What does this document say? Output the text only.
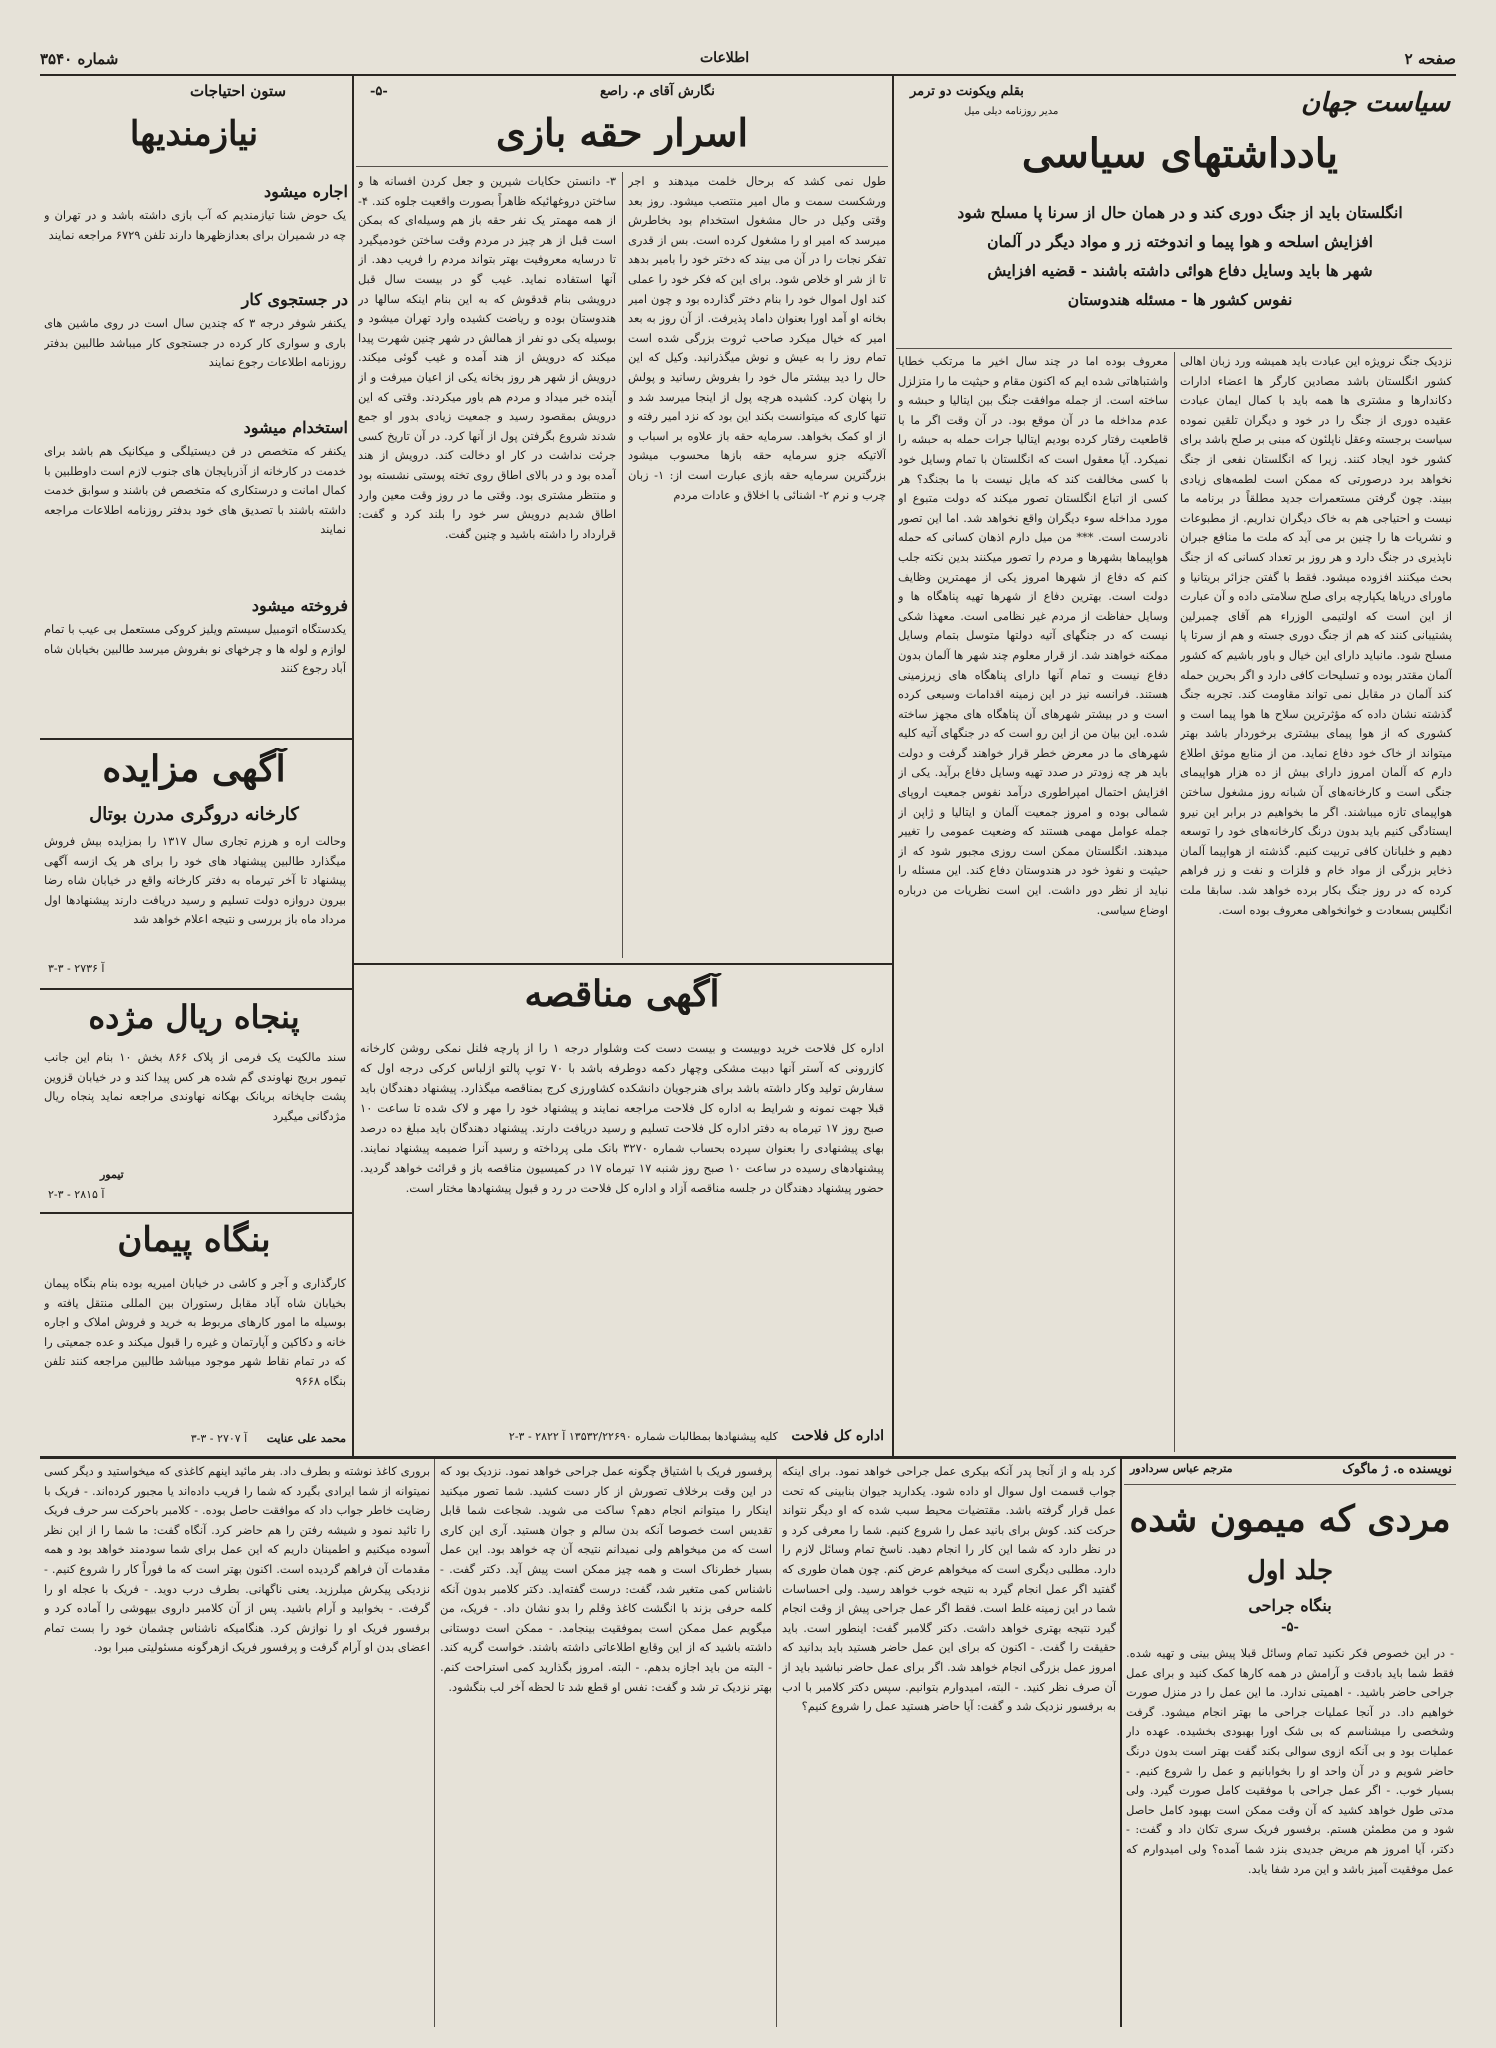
صفحه ۲
اطلاعات
شماره ۳۵۴۰
سیاست جهان
بقلم ویکونت دو ترمر
مدیر روزنامه دیلی میل
یادداشتهای سیاسی
انگلستان باید از جنگ دوری کند و در همان حال از سرنا پا مسلح شود
افزایش اسلحه و هوا پیما و اندوخته زر و مواد دیگر در آلمان
شهر ها باید وسایل دفاع هوائی داشته باشند - قضیه افزایش
نفوس کشور ها - مسئله هندوستان
نزدیک جنگ نرویژه این عبادت باید همیشه ورد زبان اهالی کشور انگلستان باشد مصادین کارگر ها اعضاء ادارات دکاندارها و مشتری ها همه باید با کمال ایمان عبادت عقیده دوری از جنگ را در خود و دیگران تلقین نموده سیاست برجسته وعقل ناپلئون که مبنی بر صلح باشد برای کشور خود ایجاد کنند. زیرا که انگلستان نفعی از جنگ نخواهد برد درصورتی که ممکن است لطمه‌های زیادی ببیند. چون گرفتن مستعمرات جدید مطلقاً در برنامه ما نیست و احتیاجی هم به خاک دیگران نداریم. از مطبوعات و نشریات ها را چنین بر می آید که ملت ما منافع جبران ناپذیری در جنگ دارد و هر روز بر تعداد کسانی که از جنگ بحث میکنند افزوده میشود. فقط با گفتن جزائر بریتانیا و ماورای دریاها یکپارچه برای صلح سلامتی داده و آن عبارت از این است که اولتیمی الوزراء هم آقای چمبرلین پشتیبانی کنند که هم از جنگ دوری جسته و هم از سرتا پا مسلح شود. مانباید دارای این خیال و باور باشیم که کشور آلمان مقتدر بوده و تسلیحات کافی دارد و اگر بحرین حمله کند آلمان در مقابل نمی تواند مقاومت کند. تجربه جنگ گذشته نشان داده که مؤثرترین سلاح ها هوا پیما است و کشوری که از هوا پیمای بیشتری برخوردار باشد بهتر میتواند از خاک خود دفاع نماید. من از منابع موثق اطلاع دارم که آلمان امروز دارای بیش از ده هزار هواپیمای جنگی است و کارخانه‌های آن شبانه روز مشغول ساختن هواپیمای تازه میباشند. اگر ما بخواهیم در برابر این نیرو ایستادگی کنیم باید بدون درنگ کارخانه‌های خود را توسعه دهیم و خلبانان کافی تربیت کنیم. گذشته از هواپیما آلمان ذخایر بزرگی از مواد خام و فلزات و نفت و زر فراهم کرده که در روز جنگ بکار برده خواهد شد. سابقا ملت انگلیس بسعادت و خوانخواهی معروف بوده است.
معروف بوده اما در چند سال اخیر ما مرتکب خطایا واشتباهاتی شده ایم که اکنون مقام و حیثیت ما را متزلزل ساخته است. از جمله موافقت جنگ بین ایتالیا و حبشه و عدم مداخله ما در آن موقع بود. در آن وقت اگر ما با قاطعیت رفتار کرده بودیم ایتالیا جرات حمله به حبشه را نمیکرد. آیا معقول است که انگلستان با تمام وسایل خود با کسی مخالفت کند که مایل نیست با ما بجنگد؟ هر کسی از اتباع انگلستان تصور میکند که دولت متبوع او مورد مداخله سوء دیگران واقع نخواهد شد. اما این تصور نادرست است. *** من میل دارم اذهان کسانی که حمله هواپیماها بشهرها و مردم را تصور میکنند بدین نکته جلب کنم که دفاع از شهرها امروز یکی از مهمترین وظایف دولت است. بهترین دفاع از شهرها تهیه پناهگاه ها و وسایل حفاظت از مردم غیر نظامی است. معهذا شکی نیست که در جنگهای آتیه دولتها متوسل بتمام وسایل ممکنه خواهند شد. از قرار معلوم چند شهر ها آلمان بدون دفاع نیست و تمام آنها دارای پناهگاه های زیرزمینی هستند. فرانسه نیز در این زمینه اقدامات وسیعی کرده است و در بیشتر شهرهای آن پناهگاه های مجهز ساخته شده. این بیان من از این رو است که در جنگهای آتیه کلیه شهرهای ما در معرض خطر قرار خواهند گرفت و دولت باید هر چه زودتر در صدد تهیه وسایل دفاع برآید. یکی از افزایش احتمال امپراطوری درآمد نفوس جمعیت اروپای شمالی بوده و امروز جمعیت آلمان و ایتالیا و ژاپن از جمله عوامل مهمی هستند که وضعیت عمومی را تغییر میدهند. انگلستان ممکن است روزی مجبور شود که از حیثیت و نفوذ خود در هندوستان دفاع کند. این مسئله را نباید از نظر دور داشت. این است نظریات من درباره اوضاع سیاسی.
نگارش آقای م. راصع
-۵-
اسرار حقه بازی
طول نمی کشد که برحال خلمت میدهند و اجر ورشکست سمت و مال امیر منتصب میشود. روز بعد وقتی وکیل در حال مشغول استخدام بود بخاطرش میرسد که امیر او را مشغول کرده است. بس از قدری تفکر نجات را در آن می بیند که دختر خود را بامیر بدهد تا از شر او خلاص شود. برای این که فکر خود را عملی کند اول اموال خود را بنام دختر گذارده بود و چون امیر بخانه او آمد اورا بعنوان داماد پذیرفت. از آن روز به بعد امیر که خیال میکرد صاحب ثروت بزرگی شده است تمام روز را به عیش و نوش میگذرانید. وکیل که این حال را دید بیشتر مال خود را بفروش رسانید و پولش را پنهان کرد. کشیده هرچه پول از اینجا میرسد شد و تنها کاری که میتوانست بکند این بود که نزد امیر رفته و از او کمک بخواهد. سرمایه حقه باز علاوه بر اسباب و آلاتیکه جزو سرمایه حقه بازها محسوب میشود بزرگترین سرمایه حقه بازی عبارت است از: ۱- زبان چرب و نرم ۲- اشنائی با اخلاق و عادات مردم
۳- دانستن حکایات شیرین و جعل کردن افسانه ها و ساختن دروغهائیکه ظاهراً بصورت واقعیت جلوه کند. ۴- از همه مهمتر یک نفر حقه باز هم وسیله‌ای که بمکن است قبل از هر چیز در مردم وقت ساختن خودمیگیرد تا درسایه معروفیت بهتر بتواند مردم را فریب دهد. از آنها استفاده نماید. غیب گو در بیست سال قبل درویشی بنام قدقوش که به این بنام اینکه سالها در هندوستان بوده و ریاضت کشیده وارد تهران میشود و بوسیله یکی دو نفر از همالش در شهر چنین شهرت پیدا میکند که درویش از هند آمده و غیب گوئی میکند. درویش از شهر هر روز بخانه یکی از اعیان میرفت و از آینده خبر میداد و مردم هم باور میکردند. وقتی که این درویش بمقصود رسید و جمعیت زیادی بدور او جمع شدند شروع بگرفتن پول از آنها کرد. در آن تاریخ کسی جرئت نداشت در کار او دخالت کند. درویش از هند آمده بود و در بالای اطاق روی تخته پوستی نشسته بود و منتظر مشتری بود. وقتی ما در روز وقت معین وارد اطاق شدیم درویش سر خود را بلند کرد و گفت: قرارداد را داشته باشید و چنین گفت.
آگهی مناقصه
اداره کل فلاحت خرید دوبیست و بیست دست کت وشلوار درجه ۱ را از پارچه فلنل نمکی روشن کارخانه کازرونی که آستر آنها دبیت مشکی وچهار دکمه دوطرفه باشد با ۷۰ توپ پالتو ازلباس کرکی درجه اول که سفارش تولید وکار داشته باشد برای هنرجویان دانشکده کشاورزی کرج بمناقصه میگذارد. پیشنهاد دهندگان باید قبلا جهت نمونه و شرایط به اداره کل فلاحت مراجعه نمایند و پیشنهاد خود را مهر و لاک شده تا ساعت ۱۰ صبح روز ۱۷ تیرماه به دفتر اداره کل فلاحت تسلیم و رسید دریافت دارند. پیشنهاد دهندگان باید مبلغ ده درصد بهای پیشنهادی را بعنوان سپرده بحساب شماره ۳۲۷۰ بانک ملی پرداخته و رسید آنرا ضمیمه پیشنهاد نمایند. پیشنهادهای رسیده در ساعت ۱۰ صبح روز شنبه ۱۷ تیرماه ۱۷ در کمیسیون مناقصه باز و قرائت خواهد گردید. حضور پیشنهاد دهندگان در جلسه مناقصه آزاد و اداره کل فلاحت در رد و قبول پیشنهادها مختار است.
اداره کل فلاحت کلیه پیشنهادها بمطالبات شماره ۱۳۵۳۲/۲۲۶۹۰ آ ۲۸۲۲ - ۳-۲
ستون احتیاجات
نیازمندیها
اجاره میشود
یک حوض شنا تیازمندیم که آب بازی داشته باشد و در تهران و چه در شمیران برای بعدازظهرها دارند تلفن ۶۷۲۹ مراجعه نمایند
در جستجوی کار
یکنفر شوفر درجه ۳ که چندین سال است در روی ماشین های باری و سواری کار کرده در جستجوی کار میباشد طالبین بدفتر روزنامه اطلاعات رجوع نمایند
استخدام میشود
یکنفر که متخصص در فن دیستیلگی و میکانیک هم باشد برای خدمت در کارخانه از آذربایجان های جنوب لازم است داوطلبین با کمال امانت و درستکاری که متخصص فن باشند و سوابق خدمت داشته باشند با تصدیق های خود بدفتر روزنامه اطلاعات مراجعه نمایند
فروخته میشود
یکدستگاه اتومبیل سیستم ویلیز کروکی مستعمل بی عیب با تمام لوازم و لوله ها و چرخهای نو بفروش میرسد طالبین بخیابان شاه آباد رجوع کنند
آگهی مزایده
کارخانه دروگری مدرن بوتال
وحالت اره و هرزم تجاری سال ۱۳۱۷ را بمزایده بیش فروش میگذارد طالبین پیشنهاد های خود را برای هر یک ازسه آگهی پیشنهاد تا آخر تیرماه به دفتر کارخانه واقع در خیابان شاه رضا بیرون دروازه دولت تسلیم و رسید دریافت دارند پیشنهادها اول مرداد ماه باز بررسی و نتیجه اعلام خواهد شد
آ ۲۷۳۶ - ۳-۳
پنجاه ریال مژده
سند مالکیت یک فرمی از پلاک ۸۶۶ بخش ۱۰ بنام این جانب تیمور بریج نهاوندی گم شده هر کس پیدا کند و در خیابان قزوین پشت جایخانه بریانک بهکانه نهاوندی مراجعه نماید پنجاه ریال مژدگانی میگیرد
تیمور
آ ۲۸۱۵ - ۳-۲
بنگاه پیمان
کارگذاری و آجر و کاشی در خیابان امیریه بوده بنام بنگاه پیمان بخیابان شاه آباد مقابل رستوران بین المللی منتقل یافته و بوسیله ما امور کارهای مربوط به خرید و فروش املاک و اجاره خانه و دکاکین و آپارتمان و غیره را قبول میکند و عده جمعیتی را که در تمام نقاط شهر موجود میباشد طالبین مراجعه کنند تلفن بنگاه ۹۶۶۸
محمد علی عنایت آ ۲۷۰۷ - ۳-۳
نویسنده ه. ژ ماگوک
مترجم عباس سردادور
مردی که میمون شده
جلد اول
بنگاه جراحی
-۵-
- در این خصوص فکر نکنید تمام وسائل قبلا پیش بینی و تهیه شده. فقط شما باید بادقت و آرامش در همه کارها کمک کنید و برای عمل جراحی حاضر باشید. - اهمیتی ندارد. ما این عمل را در منزل صورت خواهیم داد. در آنجا عملیات جراحی ما بهتر انجام میشود. گرفت وشخصی را میشناسم که بی شک اورا بهبودی بخشیده. عهده دار عملیات بود و بی آنکه ازوی سوالی بکند گفت بهتر است بدون درنگ حاضر شویم و در آن واحد او را بخوابانیم و عمل را شروع کنیم. - بسیار خوب. - اگر عمل جراحی با موفقیت کامل صورت گیرد. ولی مدتی طول خواهد کشید که آن وقت ممکن است بهبود کامل حاصل شود و من مطمئن هستم. برفسور فریک سری تکان داد و گفت: - دکتر، آیا امروز هم مریض جدیدی بنزد شما آمده؟ ولی امیدوارم که عمل موفقیت آمیز باشد و این مرد شفا یابد.
کرد بله و از آنجا پدر آنکه بیکری عمل جراحی خواهد نمود. برای اینکه جواب قسمت اول سوال او داده شود. یکدارید جیوان بنابینی که تحت عمل قرار گرفته باشد. مقتضیات محیط سبب شده که او دیگر نتواند حرکت کند. کوش برای بانید عمل را شروع کنیم. شما را معرفی کرد و در نظر دارد که شما این کار را انجام دهید. ناسخ تمام وسائل لازم را دارد. مطلبی دیگری است که میخواهم عرض کنم. چون همان طوری که گفتید اگر عمل انجام گیرد به نتیجه خوب خواهد رسید. ولی احساسات شما در این زمینه غلط است. فقط اگر عمل جراحی پیش از وقت انجام گیرد نتیجه بهتری خواهد داشت. دکتر گلامبر گفت: اینطور است. باید حقیقت را گفت. - اکنون که برای این عمل حاضر هستید باید بدانید که امروز عمل بزرگی انجام خواهد شد. اگر برای عمل حاضر نباشید باید از آن صرف نظر کنید. - البته، امیدوارم بتوانیم. سپس دکتر کلامبر با ادب به برفسور نزدیک شد و گفت: آیا حاضر هستید عمل را شروع کنیم؟
پرفسور فریک با اشتیاق چگونه عمل جراحی خواهد نمود. نزدیک بود که در این وقت برخلاف تصورش از کار دست کشید. شما تصور میکنید اینکار را میتوانم انجام دهم؟ ساکت می شوید. شجاعت شما قابل تقدیس است خصوصا آنکه بدن سالم و جوان هستید. آری این کاری است که من میخواهم ولی نمیدانم نتیجه آن چه خواهد بود. این عمل بسیار خطرناک است و همه چیز ممکن است پیش آید. دکتر گفت. - ناشناس کمی متغیر شد، گفت: درست گفته‌اید. دکتر کلامبر بدون آنکه کلمه حرفی بزند با انگشت کاغذ وقلم را بدو نشان داد. - فریک، من میگویم عمل ممکن است بموفقیت بینجامد. - ممکن است دوستانی داشته باشید که از این وقایع اطلاعاتی داشته باشند. خواست گریه کند. - البته من باید اجازه بدهم. - البته. امروز بگذارید کمی استراحت کنم. بهتر نزدیک تر شد و گفت: نفس او قطع شد تا لحظه آخر لب بنگشود.
بروری کاغذ نوشته و بطرف داد. بفر مائید اینهم کاغذی که میخواستید و دیگر کسی نمیتوانه از شما ایرادی بگیرد که شما را فریب داده‌اند یا مجبور کرده‌اند. - فریک با رضایت خاطر جواب داد که موافقت حاصل بوده. - کلامبر باحرکت سر حرف فریک را تائید نمود و شیشه رفتن را هم حاضر کرد. آنگاه گفت: ما شما را از این نظر آسوده میکنیم و اطمینان داریم که این عمل برای شما سودمند خواهد بود و همه مقدمات آن فراهم گردیده است. اکنون بهتر است که ما فوراً کار را شروع کنیم. - نزدیکی پیکرش میلرزید. یعنی ناگهانی. بطرف درب دوید. - فریک با عجله او را گرفت. - بخوابید و آرام باشید. پس از آن کلامبر داروی بیهوشی را آماده کرد و برفسور فریک او را نوازش کرد. هنگامیکه ناشناس چشمان خود را بست تمام اعضای بدن او آرام گرفت و پرفسور فریک ازهرگونه مسئولیتی مبرا بود.
